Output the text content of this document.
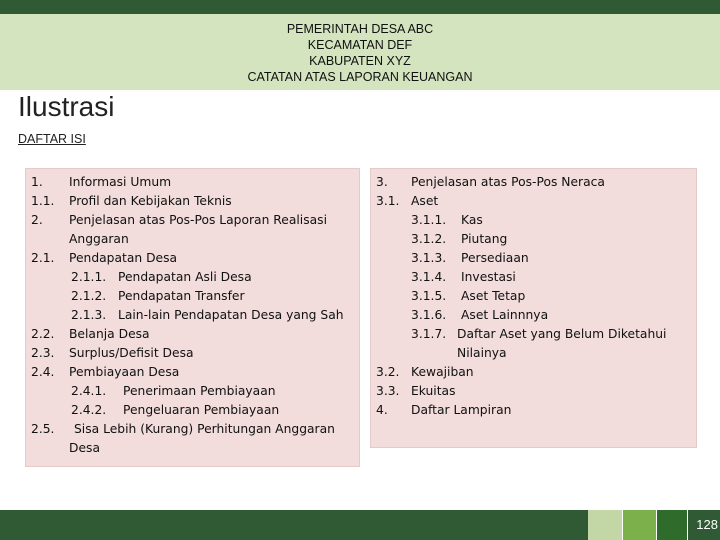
PEMERINTAH DESA ABC
KECAMATAN DEF
KABUPATEN XYZ
CATATAN ATAS LAPORAN KEUANGAN
Ilustrasi
DAFTAR ISI
1. Informasi Umum
1.1. Profil dan Kebijakan Teknis
2. Penjelasan atas Pos-Pos Laporan Realisasi
Anggaran
2.1. Pendapatan Desa
2.1.1. Pendapatan Asli Desa
2.1.2. Pendapatan Transfer
2.1.3. Lain-lain Pendapatan Desa yang Sah
2.2. Belanja Desa
2.3. Surplus/Defisit Desa
2.4. Pembiayaan Desa
2.4.1. Penerimaan Pembiayaan
2.4.2. Pengeluaran Pembiayaan
2.5. Sisa Lebih (Kurang) Perhitungan Anggaran
Desa
3. Penjelasan atas Pos-Pos Neraca
3.1. Aset
3.1.1. Kas
3.1.2. Piutang
3.1.3. Persediaan
3.1.4. Investasi
3.1.5. Aset Tetap
3.1.6. Aset Lainnnya
3.1.7. Daftar Aset yang Belum Diketahui
Nilainya
3.2. Kewajiban
3.3. Ekuitas
4. Daftar Lampiran
128
